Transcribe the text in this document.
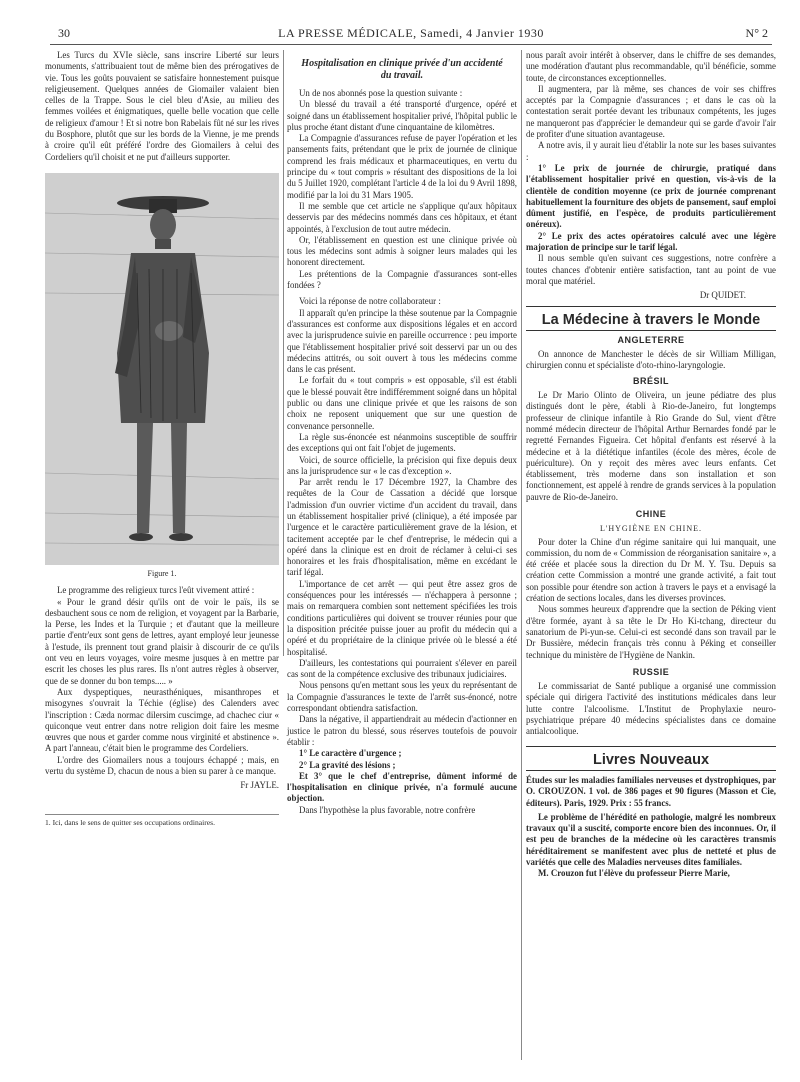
30	LA PRESSE MÉDICALE, Samedi, 4 Janvier 1930	N° 2

Les Turcs du XVIe siècle, sans inscrire Liberté sur leurs monuments, s'attribuaient tout de même bien des prérogatives de vie. Tous les goûts pouvaient se satisfaire honnestement puisque religieusement. Quelques années de Giomailer valaient bien celles de la Trappe. Sous le ciel bleu d'Asie, au milieu des femmes voilées et énigmatiques, quelle belle vocation que celle de religieux d'amour ! Et si notre bon Rabelais fût né sur les rives du Bosphore, plutôt que sur les bords de la Vienne, je me prends à croire qu'il eût préféré l'ordre des Giomailers à celui des Cordeliers qu'il choisit et ne put d'ailleurs supporter.

Figure 1.

Le programme des religieux turcs l'eût vivement attiré :

« Pour le grand désir qu'ils ont de voir le païs, ils se desbauchent sous ce nom de religion, et voyagent par la Barbarie, la Perse, les Indes et la Turquie ; et d'autant que la meilleure partie d'entr'eux sont gens de lettres, ayant employé leur jeunesse à l'estude, ils prennent tout grand plaisir à discourir de ce qu'ils ont veu en leurs voyages, voire mesme jusques à en mettre par escrit les choses les plus rares. Ils n'ont autres règles à observer, que de se donner du bon temps..... »

Aux dyspeptiques, neurasthéniques, misanthropes et misogynes s'ouvrait la Téchie (église) des Calenders avec l'inscription : Cæda normac dilersim cuscimge, ad chachec ciur « quiconque veut entrer dans notre religion doit faire les mesme œuvres que nous et garder comme nous virginité et abstinence ». A part l'anneau, c'était bien le programme des Cordeliers.

L'ordre des Giomailers nous a toujours échappé ; mais, en vertu du système D, chacun de nous a bien su parer à ce manque.

Fr JAYLE.
1. Ici, dans le sens de quitter ses occupations ordinaires.
Hospitalisation en clinique privée d'un accidenté du travail.

Un de nos abonnés pose la question suivante :

Un blessé du travail a été transporté d'urgence, opéré et soigné dans un établissement hospitalier privé, l'hôpital public le plus proche étant distant d'une cinquantaine de kilomètres.

La Compagnie d'assurances refuse de payer l'opération et les pansements faits, prétendant que le prix de journée de clinique comprend les frais médicaux et pharmaceutiques, en vertu du principe du « tout compris » résultant des dispositions de la loi du 5 Juillet 1920, complétant l'article 4 de la loi du 9 Avril 1898, modifié par la loi du 31 Mars 1905.

Il me semble que cet article ne s'applique qu'aux hôpitaux desservis par des médecins nommés dans ces hôpitaux, et étant appointés, à l'exclusion de tout autre médecin.

Or, l'établissement en question est une clinique privée où tous les médecins sont admis à soigner leurs malades qui les honorent directement.

Les prétentions de la Compagnie d'assurances sont-elles fondées ?

Voici la réponse de notre collaborateur :

Il apparaît qu'en principe la thèse soutenue par la Compagnie d'assurances est conforme aux dispositions légales et en accord avec la jurisprudence suivie en pareille occurrence : peu importe que l'établissement hospitalier privé soit desservi par un ou des médecins attitrés, ou soit ouvert à tous les médecins comme dans le cas présent.

Le forfait du « tout compris » est opposable, s'il est établi que le blessé pouvait être indifféremment soigné dans un hôpital public ou dans une clinique privée et que les raisons de son choix ne reposent uniquement que sur une question de convenance personnelle.

La règle sus-énoncée est néanmoins susceptible de souffrir des exceptions qui ont fait l'objet de jugements.

Voici, de source officielle, la précision qui fixe depuis deux ans la jurisprudence sur « le cas d'exception ».

Par arrêt rendu le 17 Décembre 1927, la Chambre des requêtes de la Cour de Cassation a décidé que lorsque l'admission d'un ouvrier victime d'un accident du travail, dans un établissement hospitalier privé (clinique), a été imposée par l'urgence et le caractère particulièrement grave de la lésion, et tacitement acceptée par le chef d'entreprise, le médecin qui a opéré dans la clinique est en droit de réclamer à celui-ci ses honoraires et les frais d'hospitalisation, même en excédant le tarif légal.

L'importance de cet arrêt — qui peut être assez gros de conséquences pour les intéressés — n'échappera à personne ; mais on remarquera combien sont nettement spécifiées les trois conditions particulières qui doivent se trouver réunies pour que la disposition précitée puisse jouer au profit du médecin qui a opéré et du propriétaire de la clinique privée où le blessé a été hospitalisé.

D'ailleurs, les contestations qui pourraient s'élever en pareil cas sont de la compétence exclusive des tribunaux judiciaires.

Nous pensons qu'en mettant sous les yeux du représentant de la Compagnie d'assurances le texte de l'arrêt sus-énoncé, notre correspondant obtiendra satisfaction.

Dans la négative, il appartiendrait au médecin d'actionner en justice le patron du blessé, sous réserves toutefois de pouvoir établir :

1° Le caractère d'urgence ;

2° La gravité des lésions ;

Et 3° que le chef d'entreprise, dûment informé de l'hospitalisation en clinique privée, n'a formulé aucune objection.

Dans l'hypothèse la plus favorable, notre confrère

nous paraît avoir intérêt à observer, dans le chiffre de ses demandes, une modération d'autant plus recommandable, qu'il bénéficie, somme toute, de circonstances exceptionnelles.

Il augmentera, par là même, ses chances de voir ses chiffres acceptés par la Compagnie d'assurances ; et dans le cas où la contestation serait portée devant les tribunaux compétents, les juges ne manqueront pas d'apprécier le demandeur qui se garde d'avoir l'air de profiter d'une situation avantageuse.

A notre avis, il y aurait lieu d'établir la note sur les bases suivantes :

1° Le prix de journée de chirurgie, pratiqué dans l'établissement hospitalier privé en question, vis-à-vis de la clientèle de condition moyenne (ce prix de journée comprenant habituellement la fourniture des objets de pansement, sauf emploi dûment justifié, en l'espèce, de produits particulièrement onéreux).

2° Le prix des actes opératoires calculé avec une légère majoration de principe sur le tarif légal.

Il nous semble qu'en suivant ces suggestions, notre confrère a toutes chances d'obtenir entière satisfaction, tant au point de vue moral que matériel.

Dr QUIDET.
La Médecine à travers le Monde
ANGLETERRE

On annonce de Manchester le décès de sir William Milligan, chirurgien connu et spécialiste d'oto-rhino-laryngologie.

BRÉSIL

Le Dr Mario Olinto de Oliveira, un jeune pédiatre des plus distingués dont le père, établi à Rio-de-Janeiro, fut longtemps professeur de clinique infantile à Rio Grande do Sul, vient d'être nommé médecin directeur de l'hôpital Arthur Bernardes fondé par le regretté Fernandes Figueira. Cet hôpital d'enfants est réservé à la médecine et à la diététique infantiles (école des mères, école de puériculture). On y reçoit des mères avec leurs enfants. Cet établissement, très moderne dans son installation et son fonctionnement, est appelé à rendre de grands services à la population pauvre de Rio-de-Janeiro.

CHINE
L'HYGIÈNE EN CHINE.

Pour doter la Chine d'un régime sanitaire qui lui manquait, une commission, du nom de « Commission de réorganisation sanitaire », a été créée et placée sous la direction du Dr M. Y. Tsu. Depuis sa création cette Commission a montré une grande activité, a fait tout son possible pour étendre son action à travers le pays et a envisagé la création de sections locales, dans les diverses provinces.

Nous sommes heureux d'apprendre que la section de Péking vient d'être formée, ayant à sa tête le Dr Ho Ki-tchang, directeur du sanatorium de Pi-yun-se. Celui-ci est secondé dans son travail par le Dr Bussière, médecin français très connu à Péking et conseiller technique du ministère de l'Hygiène de Nankin.

RUSSIE

Le commissariat de Santé publique a organisé une commission spéciale qui dirigera l'activité des institutions médicales dans leur lutte contre l'alcoolisme. L'Institut de Prophylaxie neuro-psychiatrique prépare 40 médecins spécialistes dans ce domaine antialcoolique.

Livres Nouveaux

Études sur les maladies familiales nerveuses et dystrophiques, par O. CROUZON. 1 vol. de 386 pages et 90 figures (Masson et Cie, éditeurs). Paris, 1929. Prix : 55 francs.

Le problème de l'hérédité en pathologie, malgré les nombreux travaux qu'il a suscité, comporte encore bien des inconnues. Or, il est peu de branches de la médecine où les caractères transmis héréditairement se manifestent avec plus de netteté et plus de variétés que celle des Maladies nerveuses dites familiales.

M. Crouzon fut l'élève du professeur Pierre Marie,
